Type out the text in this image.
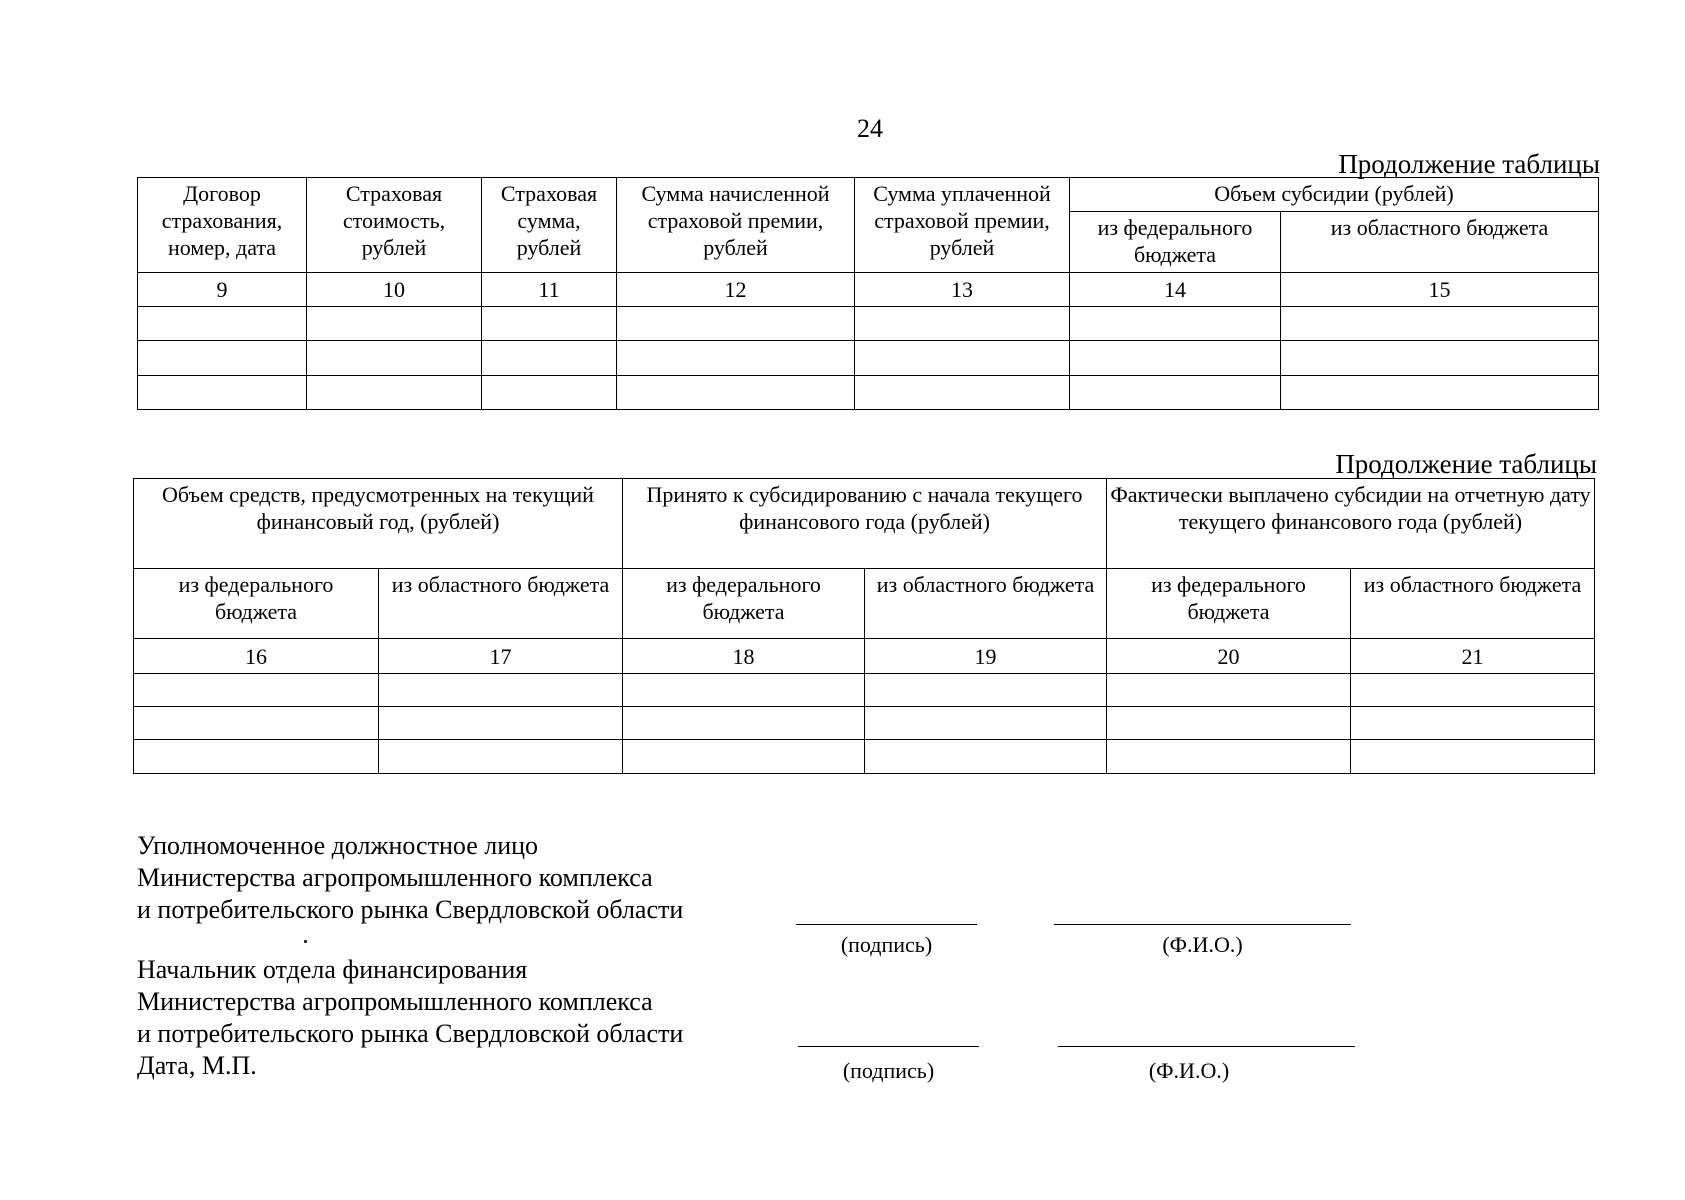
24
Продолжение таблицы
Договор страхования, номер, дата	Страховая стоимость, рублей	Страховая сумма, рублей	Сумма начисленной страховой премии, рублей	Сумма уплаченной страховой премии, рублей	Объем субсидии (рублей)	
					из федерального бюджета	из областного бюджета
9	10	11	12	13	14	15

Продолжение таблицы
Объем средств, предусмотренных на текущий финансовый год, (рублей)		Принято к субсидированию с начала текущего финансового года (рублей)		Фактически выплачено субсидии на отчетную дату текущего финансового года (рублей)	
из федерального бюджета	из областного бюджета	из федерального бюджета	из областного бюджета	из федерального бюджета	из областного бюджета
16	17	18	19	20	21

Уполномоченное должностное лицо
Министерства агропромышленного комплекса
и потребительского рынка Свердловской области
(подпись)	(Ф.И.О.)
Начальник отдела финансирования
Министерства агропромышленного комплекса
и потребительского рынка Свердловской области
Дата, М.П.	(подпись)	(Ф.И.О.)
